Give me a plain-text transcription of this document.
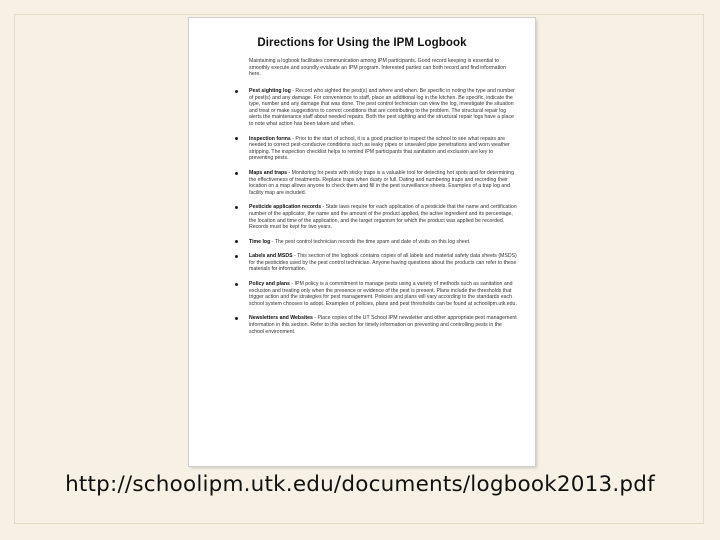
Directions for Using the IPM Logbook
Maintaining a logbook facilitates communication among IPM participants. Good record keeping is essential to smoothly execute and soundly evaluate an IPM program. Interested parties can both record and find information here.
Pest sighting log - Record who sighted the pest(s) and where and when. Be specific in noting the type and number of pest(s) and any damage. For convenience to staff, place an additional log in the kitchen. Be specific, indicate the type, number and any damage that was done. The pest control technician can view the log, investigate the situation and treat or make suggestions to correct conditions that are contributing to the problem. The structural repair log alerts the maintenance staff about needed repairs. Both the pest sighting and the structural repair logs have a place to note what action has been taken and when.
Inspection forms - Prior to the start of school, it is a good practice to inspect the school to see what repairs are needed to correct pest-conducive conditions such as leaky pipes or unsealed pipe penetrations and worn weather stripping. The inspection checklist helps to remind IPM participants that sanitation and exclusion are key to preventing pests.
Maps and traps - Monitoring for pests with sticky traps is a valuable tool for detecting hot spots and for determining the effectiveness of treatments. Replace traps when dusty or full. Dating and numbering traps and recording their location on a map allows anyone to check them and fill in the pest surveillance sheets. Examples of a trap log and facility map are included.
Pesticide application records - State laws require for each application of a pesticide that the name and certification number of the applicator, the name and the amount of the product applied, the active ingredient and its percentage, the location and time of the application, and the target organism for which the product was applied be recorded. Records must be kept for two years.
Time log - The pest control technician records the time spam and date of visits on this log sheet.
Labels and MSDS - This section of the logbook contains copies of all labels and material safety data sheets (MSDS) for the pesticides used by the pest control technician. Anyone having questions about the products can refer to these materials for information.
Policy and plans - IPM policy is a commitment to manage pests using a variety of methods such as sanitation and exclusion and treating only when the presence or evidence of the pest is present. Plans include the thresholds that trigger action and the strategies for pest management. Policies and plans will vary according to the standards each school system chooses to adopt. Examples of policies, plans and pest thresholds can be found at schoolipm.utk.edu.
Newsletters and Websites - Place copies of the UT School IPM newsletter and other appropriate pest management information in this section. Refer to this section for timely information on preventing and controlling pests in the school environment.
http://schoolipm.utk.edu/documents/logbook2013.pdf
